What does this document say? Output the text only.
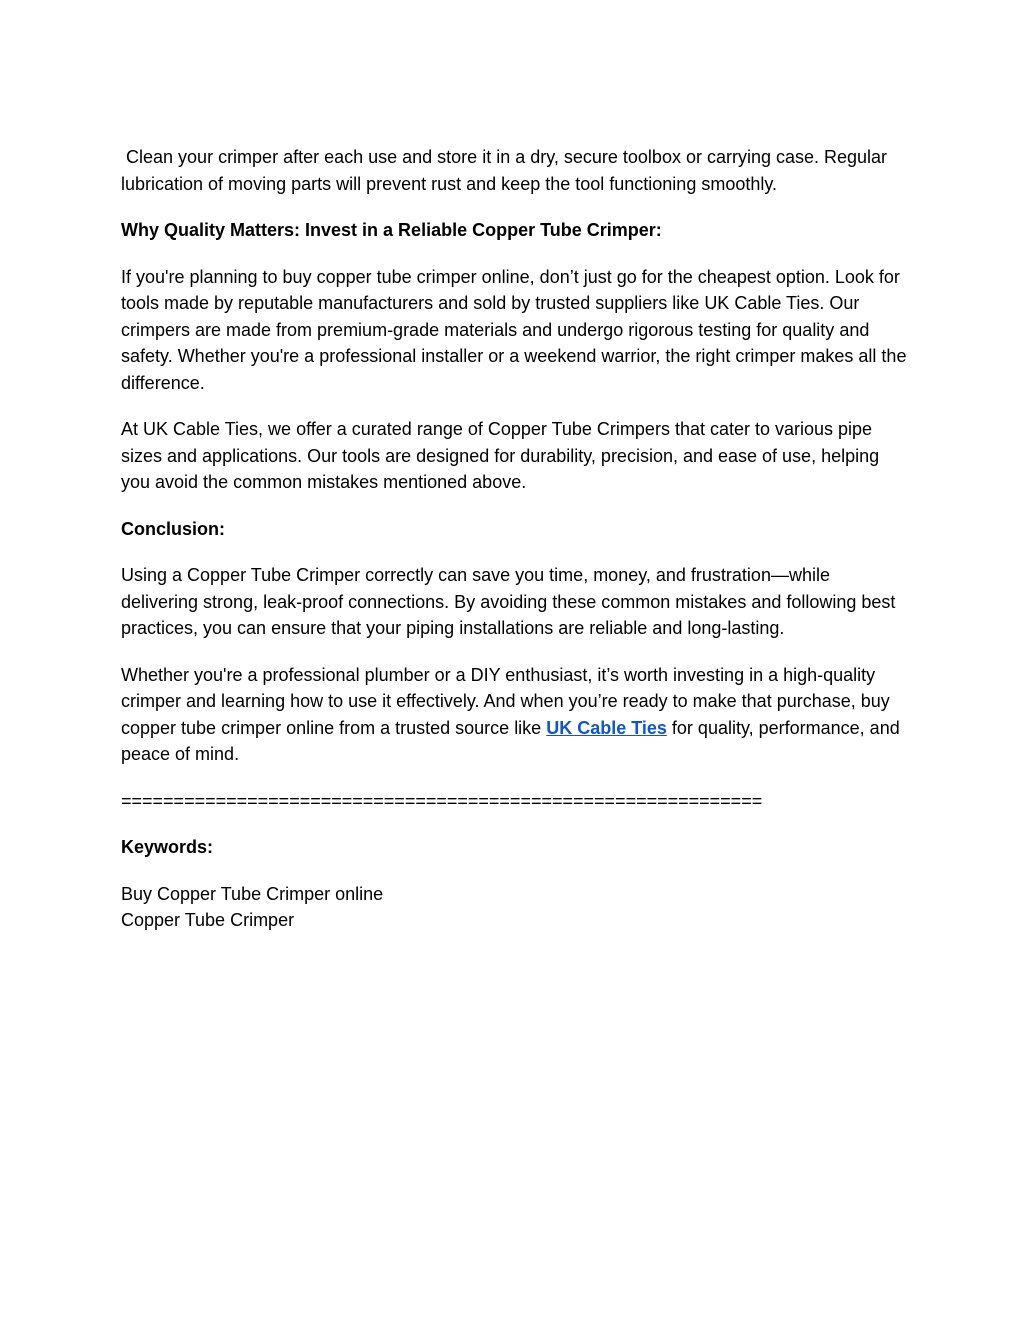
Clean your crimper after each use and store it in a dry, secure toolbox or carrying case. Regular lubrication of moving parts will prevent rust and keep the tool functioning smoothly.

Why Quality Matters: Invest in a Reliable Copper Tube Crimper:

If you're planning to buy copper tube crimper online, don’t just go for the cheapest option. Look for tools made by reputable manufacturers and sold by trusted suppliers like UK Cable Ties. Our crimpers are made from premium-grade materials and undergo rigorous testing for quality and safety. Whether you're a professional installer or a weekend warrior, the right crimper makes all the difference.

At UK Cable Ties, we offer a curated range of Copper Tube Crimpers that cater to various pipe sizes and applications. Our tools are designed for durability, precision, and ease of use, helping you avoid the common mistakes mentioned above.

Conclusion:

Using a Copper Tube Crimper correctly can save you time, money, and frustration—while delivering strong, leak-proof connections. By avoiding these common mistakes and following best practices, you can ensure that your piping installations are reliable and long-lasting.

Whether you're a professional plumber or a DIY enthusiast, it’s worth investing in a high-quality crimper and learning how to use it effectively. And when you’re ready to make that purchase, buy copper tube crimper online from a trusted source like UK Cable Ties for quality, performance, and peace of mind.

=============================================================

Keywords:

Buy Copper Tube Crimper online
Copper Tube Crimper
